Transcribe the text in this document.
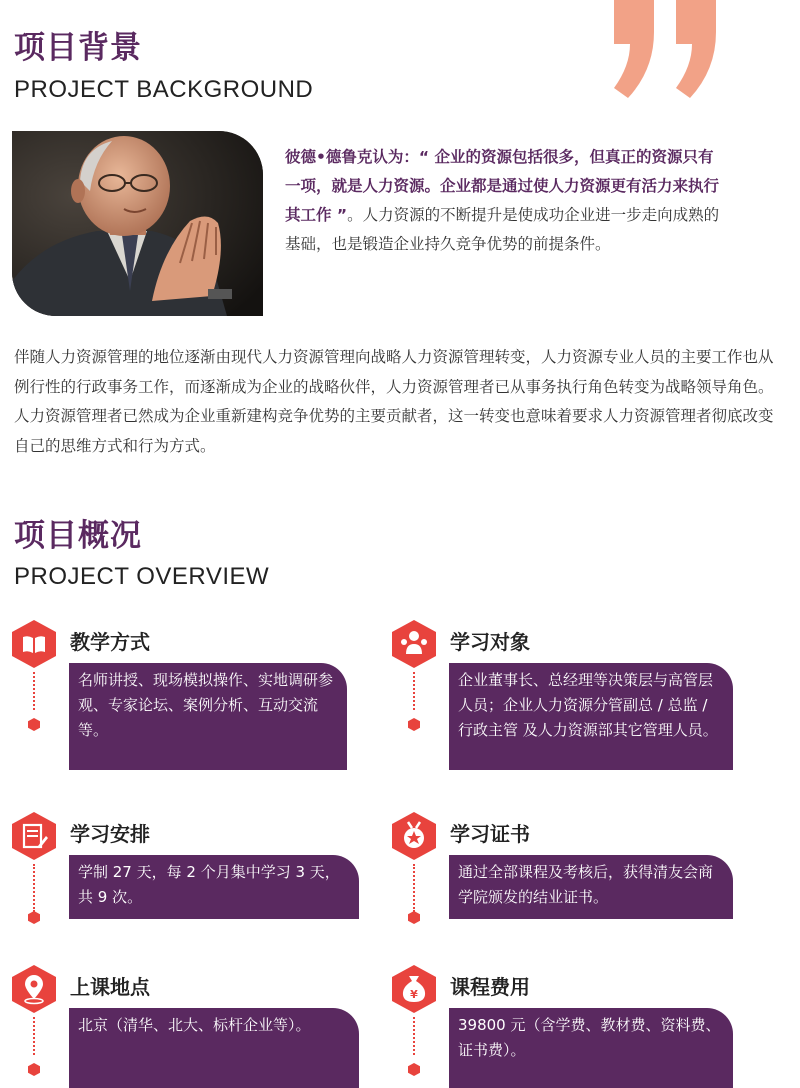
项目背景
PROJECT BACKGROUND
彼德•德鲁克认为：“ 企业的资源包括很多，但真正的资源只有一项，就是人力资源。企业都是通过使人力资源更有活力来执行其工作 ”。人力资源的不断提升是使成功企业进一步走向成熟的基础，也是锻造企业持久竞争优势的前提条件。
伴随人力资源管理的地位逐渐由现代人力资源管理向战略人力资源管理转变，人力资源专业人员的主要工作也从例行性的行政事务工作，而逐渐成为企业的战略伙伴，人力资源管理者已从事务执行角色转变为战略领导角色。人力资源管理者已然成为企业重新建构竞争优势的主要贡献者，这一转变也意味着要求人力资源管理者彻底改变自己的思维方式和行为方式。
项目概况
PROJECT OVERVIEW
教学方式
名师讲授、现场模拟操作、实地调研参观、专家论坛、案例分析、互动交流等。
学习对象
企业董事长、总经理等决策层与高管层人员；企业人力资源分管副总 / 总监 / 行政主管 及人力资源部其它管理人员。
学习安排
学制 27 天，每 2 个月集中学习 3 天，共 9 次。
学习证书
通过全部课程及考核后，获得清友会商学院颁发的结业证书。
上课地点
北京（清华、北大、标杆企业等）。
¥ 课程费用
39800 元（含学费、教材费、资料费、证书费）。
